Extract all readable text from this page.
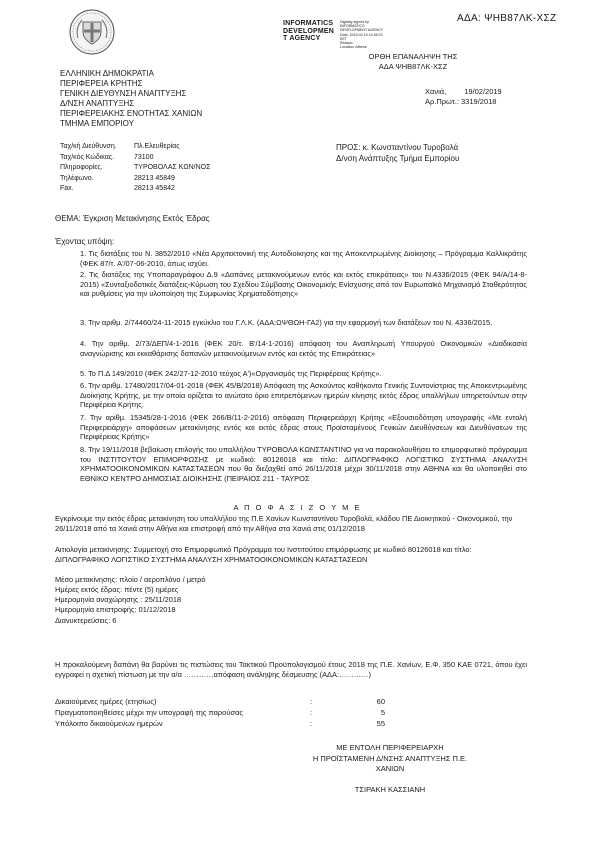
ΑΔΑ: ΨΗΒ87ΛΚ-ΧΣΖ
INFORMATICS
DEVELOPMEN
T AGENCY
Digitally signed by
INFORMATICS
DEVELOPMENT AGENCY
Date: 2019.02.19 14:45:23
EET
Reason:
Location: Athens
ΟΡΘΗ ΕΠΑΝΑΛΗΨΗ ΤΗΣ
ΑΔΑ ΨΗΒ87ΛΚ-ΧΣΖ
ΕΛΛΗΝΙΚΗ ΔΗΜΟΚΡΑΤΙΑ
ΠΕΡΙΦΕΡΕΙΑ ΚΡΗΤΗΣ
ΓΕΝΙΚΗ ΔΙΕΥΘΥΝΣΗ ΑΝΑΠΤΥΞΗΣ
Δ/ΝΣΗ ΑΝΑΠΤΥΞΗΣ
ΠΕΡΙΦΕΡΕΙΑΚΗΣ ΕΝΟΤΗΤΑΣ ΧΑΝΙΩΝ
ΤΜΗΜΑ ΕΜΠΟΡΙΟΥ
Χανιά, 19/02/2019
Αρ.Πρωτ.: 3319/2018
Ταχ/κή Διεύθυνση.	Πλ.Ελευθερίας
Ταχ/κός Κώδικας.	73100
Πληροφορίες.	ΤΥΡΟΒΟΛΑΣ ΚΩΝ/ΝΟΣ
Τηλέφωνο.	28213 45849
Fax.	28213 45842
ΠΡΟΣ: κ. Κωνσταντίνου Τυροβολά
Δ/νση Ανάπτυξης Τμήμα Εμπορίου
ΘΕΜΑ: Έγκριση Μετακίνησης Εκτός Έδρας
Έχοντας υπόψη:
1. Τις διατάξεις του Ν. 3852/2010 «Νέα Αρχιτεκτονική της Αυτοδιοίκησης και της Αποκεντρωμένης Διοίκησης – Πρόγραμμα Καλλικράτης (ΦΕΚ 87/τ. Α'/07-06-2010, όπως ισχύει.
2. Τις διατάξεις της Υποπαραγράφου Δ.9 «Δαπάνες μετακινούμενων εντός και εκτός επικράτειας» του Ν.4336/2015 (ΦΕΚ 94/Α/14-8-2015) «Συνταξιοδοτικές διατάξεις-Κύρωση του Σχεδίου Σύμβασης Οικονομικής Ενίσχυσης από τον Ευρωπαϊκό Μηχανισμό Σταθερότητας και ρυθμίσεις για την υλοποίηση της Συμφωνίας Χρηματοδότησης»
3. Την αριθμ. 2/74460/24-11-2015 εγκύκλιο του Γ.Λ.Κ. (ΑΔΑ:ΩΨΘΩΗ-ΓΑ2) για την εφαρμογή των διατάξεων του Ν. 4336/2015.
4. Την αριθμ. 2/73/ΔΕΠ/4-1-2016 (ΦΕΚ 20/τ. Β'/14-1-2016) απόφαση του Αναπληρωτή Υπουργού Οικονομικών «Διαδικασία αναγνώρισης και εκκαθάρισης δαπανών μετακινούμενων εντός και εκτός της Επικράτειας»
5. Το Π.Δ 149/2010 (ΦΕΚ 242/27-12-2010 τεύχος Α')«Οργανισμός της Περιφέρειας Κρήτης».
6. Την αριθμ. 17480/2017/04-01-2018 (ΦΕΚ 45/Β/2018) Απόφαση της Ασκούντος καθήκοντα Γενικής Συντονίστριας της Αποκεντρωμένης Διοίκησης Κρήτης, με την οποία ορίζεται το ανώτατο όριο επιτρεπόμενων ημερών κίνησης εκτός έδρας υπαλλήλων υπηρετούντων στην Περιφέρεια Κρήτης.
7. Την αριθμ. 15345/28-1-2016 (ΦΕΚ 266/Β/11-2-2016) απόφαση Περιφερειάρχη Κρήτης «Εξουσιοδότηση υπογραφής «Με εντολή Περιφερειάρχη» αποφάσεων μετακίνησης εντός και εκτός έδρας στους Προϊσταμένους Γενικών Διευθύνσεων και Διευθύνσεων της Περιφέρειας Κρήτης»
8. Την 19/11/2018 βεβαίωση επιλογής του υπαλλήλου ΤΥΡΟΒΟΛΑ ΚΩΝΣΤΑΝΤΙΝΟ για να παρακολουθήσει το επιμορφωτικό πρόγραμμα του ΙΝΣΤΙΤΟΥΤΟΥ ΕΠΙΜΟΡΦΩΣΗΣ με κωδικό: 80126018 και τίτλο: ΔΙΠΛΟΓΡΑΦΙΚΟ ΛΟΓΙΣΤΙΚΟ ΣΥΣΤΗΜΑ ΑΝΑΛΥΣΗ ΧΡΗΜΑΤΟΟΙΚΟΝΟΜΙΚΩΝ ΚΑΤΑΣΤΑΣΕΩΝ που θα διεξαχθεί από 26/11/2018 μέχρι 30/11/2018 στην ΑΘΗΝΑ και θα υλοποιηθεί στο ΕΘΝΙΚΟ ΚΕΝΤΡΟ ΔΗΜΟΣΙΑΣ ΔΙΟΙΚΗΣΗΣ (ΠΕΙΡΑΙΟΣ 211 - ΤΑΥΡΟΣ
Α Π Ο Φ Α Σ Ι Ζ Ο Υ Μ Ε
Εγκρίνουμε την εκτός έδρας μετακίνηση του υπαλλήλου της Π.Ε Χανίων Κωνσταντίνου Τυροβολά, κλάδου ΠΕ Διοικητικού - Οικονομικού, την 26/11/2018 από τα Χανιά στην Αθήνα και επιστροφή από την Αθήνα στα Χανιά στις 01/12/2018
Αιτιολογία μετακίνησης: Συμμετοχή στο Επιμορφωτικό Πρόγραμμα του Ινστιτούτου επιμόρφωσης με κωδικό 80126018 και τίτλο: ΔΙΠΛΟΓΡΑΦΙΚΟ ΛΟΓΙΣΤΙΚΟ ΣΥΣΤΗΜΑ ΑΝΑΛΥΣΗ ΧΡΗΜΑΤΟΟΙΚΟΝΟΜΙΚΩΝ ΚΑΤΑΣΤΑΣΕΩΝ
Μέσο μετακίνησης: πλοίο / αεροπλάνο / μετρό
Ημέρες εκτός έδρας: πέντε (5) ημέρες
Ημερομηνία αναχώρησης : 25/11/2018
Ημερομηνία επιστροφής: 01/12/2018
Διανυκτερεύσεις: 6
Η προκαλούμενη δαπάνη θα βαρύνει τις πιστώσεις του Τακτικού Προϋπολογισμού έτους 2018 της Π.Ε. Χανίων, Ε.Φ. 350 ΚΑΕ 0721, όπου έχει εγγραφεί η σχετική πίστωση με την α/α …………απόφαση ανάληψης δέσμευσης (ΑΔΑ:…………)
Δικαιούμενες ημέρες (ετησίως)	:	60
Πραγματοποιηθείσες μέχρι την υπογραφή της παρούσας	:	5
Υπόλοιπο δικαιούμενων ημερών	:	55
ΜΕ ΕΝΤΟΛΗ ΠΕΡΙΦΕΡΕΙΑΡΧΗ
Η ΠΡΟΪΣΤΑΜΕΝΗ Δ/ΝΣΗΣ ΑΝΑΠΤΥΞΗΣ Π.Ε.
ΧΑΝΙΩΝ
ΤΣΙΡΑΚΗ ΚΑΣΣΙΑΝΗ
